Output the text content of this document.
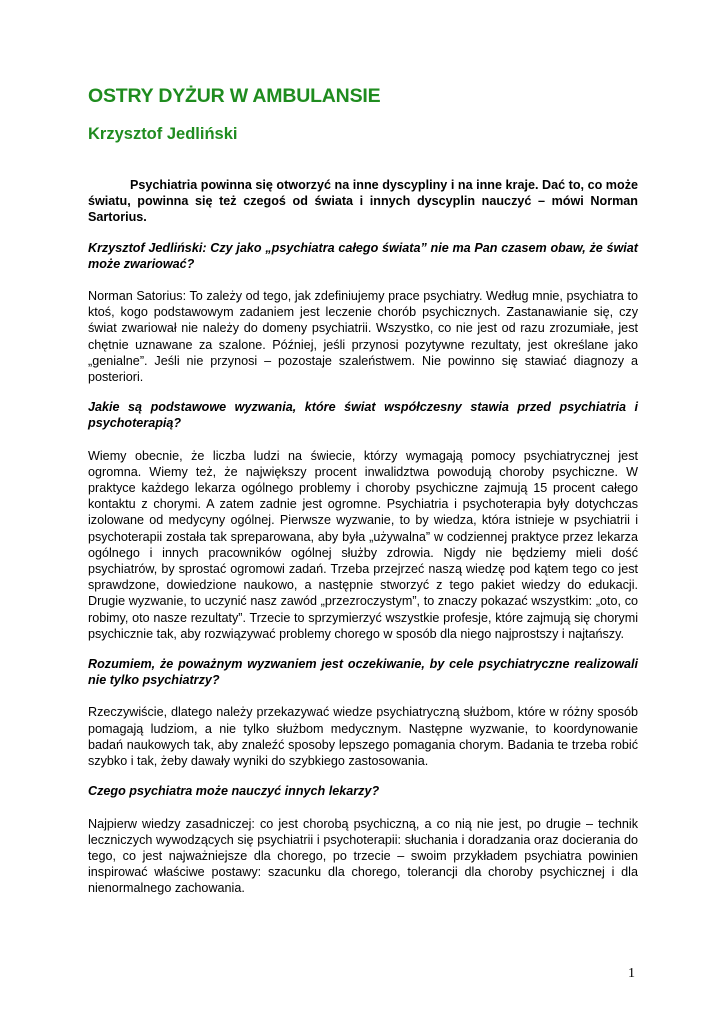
OSTRY DYŻUR W AMBULANSIE
Krzysztof Jedliński

Psychiatria powinna się otworzyć na inne dyscypliny i na inne kraje. Dać to, co może światu, powinna się też czegoś od świata i innych dyscyplin nauczyć – mówi Norman Sartorius.

Krzysztof Jedliński: Czy jako „psychiatra całego świata” nie ma Pan czasem obaw, że świat może zwariować?

Norman Satorius: To zależy od tego, jak zdefiniujemy prace psychiatry. Według mnie, psychiatra to ktoś, kogo podstawowym zadaniem jest leczenie chorób psychicznych. Zastanawianie się, czy świat zwariował nie należy do domeny psychiatrii. Wszystko, co nie jest od razu zrozumiałe, jest chętnie uznawane za szalone. Później, jeśli przynosi pozytywne rezultaty, jest określane jako „genialne”. Jeśli nie przynosi – pozostaje szaleństwem. Nie powinno się stawiać diagnozy a posteriori.

Jakie są podstawowe wyzwania, które świat współczesny stawia przed psychiatria i psychoterapią?

Wiemy obecnie, że liczba ludzi na świecie, którzy wymagają pomocy psychiatrycznej jest ogromna. Wiemy też, że największy procent inwalidztwa powodują choroby psychiczne. W praktyce każdego lekarza ogólnego problemy i choroby psychiczne zajmują 15 procent całego kontaktu z chorymi. A zatem zadnie jest ogromne. Psychiatria i psychoterapia były dotychczas izolowane od medycyny ogólnej. Pierwsze wyzwanie, to by wiedza, która istnieje w psychiatrii i psychoterapii została tak spreparowana, aby była „używalna” w codziennej praktyce przez lekarza ogólnego i innych pracowników ogólnej służby zdrowia. Nigdy nie będziemy mieli dość psychiatrów, by sprostać ogromowi zadań. Trzeba przejrzeć naszą wiedzę pod kątem tego co jest sprawdzone, dowiedzione naukowo, a następnie stworzyć z tego pakiet wiedzy do edukacji. Drugie wyzwanie, to uczynić nasz zawód „przezroczystym”, to znaczy pokazać wszystkim: „oto, co robimy, oto nasze rezultaty”. Trzecie to sprzymierzyć wszystkie profesje, które zajmują się chorymi psychicznie tak, aby rozwiązywać problemy chorego w sposób dla niego najprostszy i najtańszy.

Rozumiem, że poważnym wyzwaniem jest oczekiwanie, by cele psychiatryczne realizowali nie tylko psychiatrzy?

Rzeczywiście, dlatego należy przekazywać wiedze psychiatryczną służbom, które w różny sposób pomagają ludziom, a nie tylko służbom medycznym. Następne wyzwanie, to koordynowanie badań naukowych tak, aby znaleźć sposoby lepszego pomagania chorym. Badania te trzeba robić szybko i tak, żeby dawały wyniki do szybkiego zastosowania.

Czego psychiatra może nauczyć innych lekarzy?

Najpierw wiedzy zasadniczej: co jest chorobą psychiczną, a co nią nie jest, po drugie – technik leczniczych wywodzących się psychiatrii i psychoterapii: słuchania i doradzania oraz docierania do tego, co jest najważniejsze dla chorego, po trzecie – swoim przykładem psychiatra powinien inspirować właściwe postawy: szacunku dla chorego, tolerancji dla choroby psychicznej i dla nienormalnego zachowania.

1
